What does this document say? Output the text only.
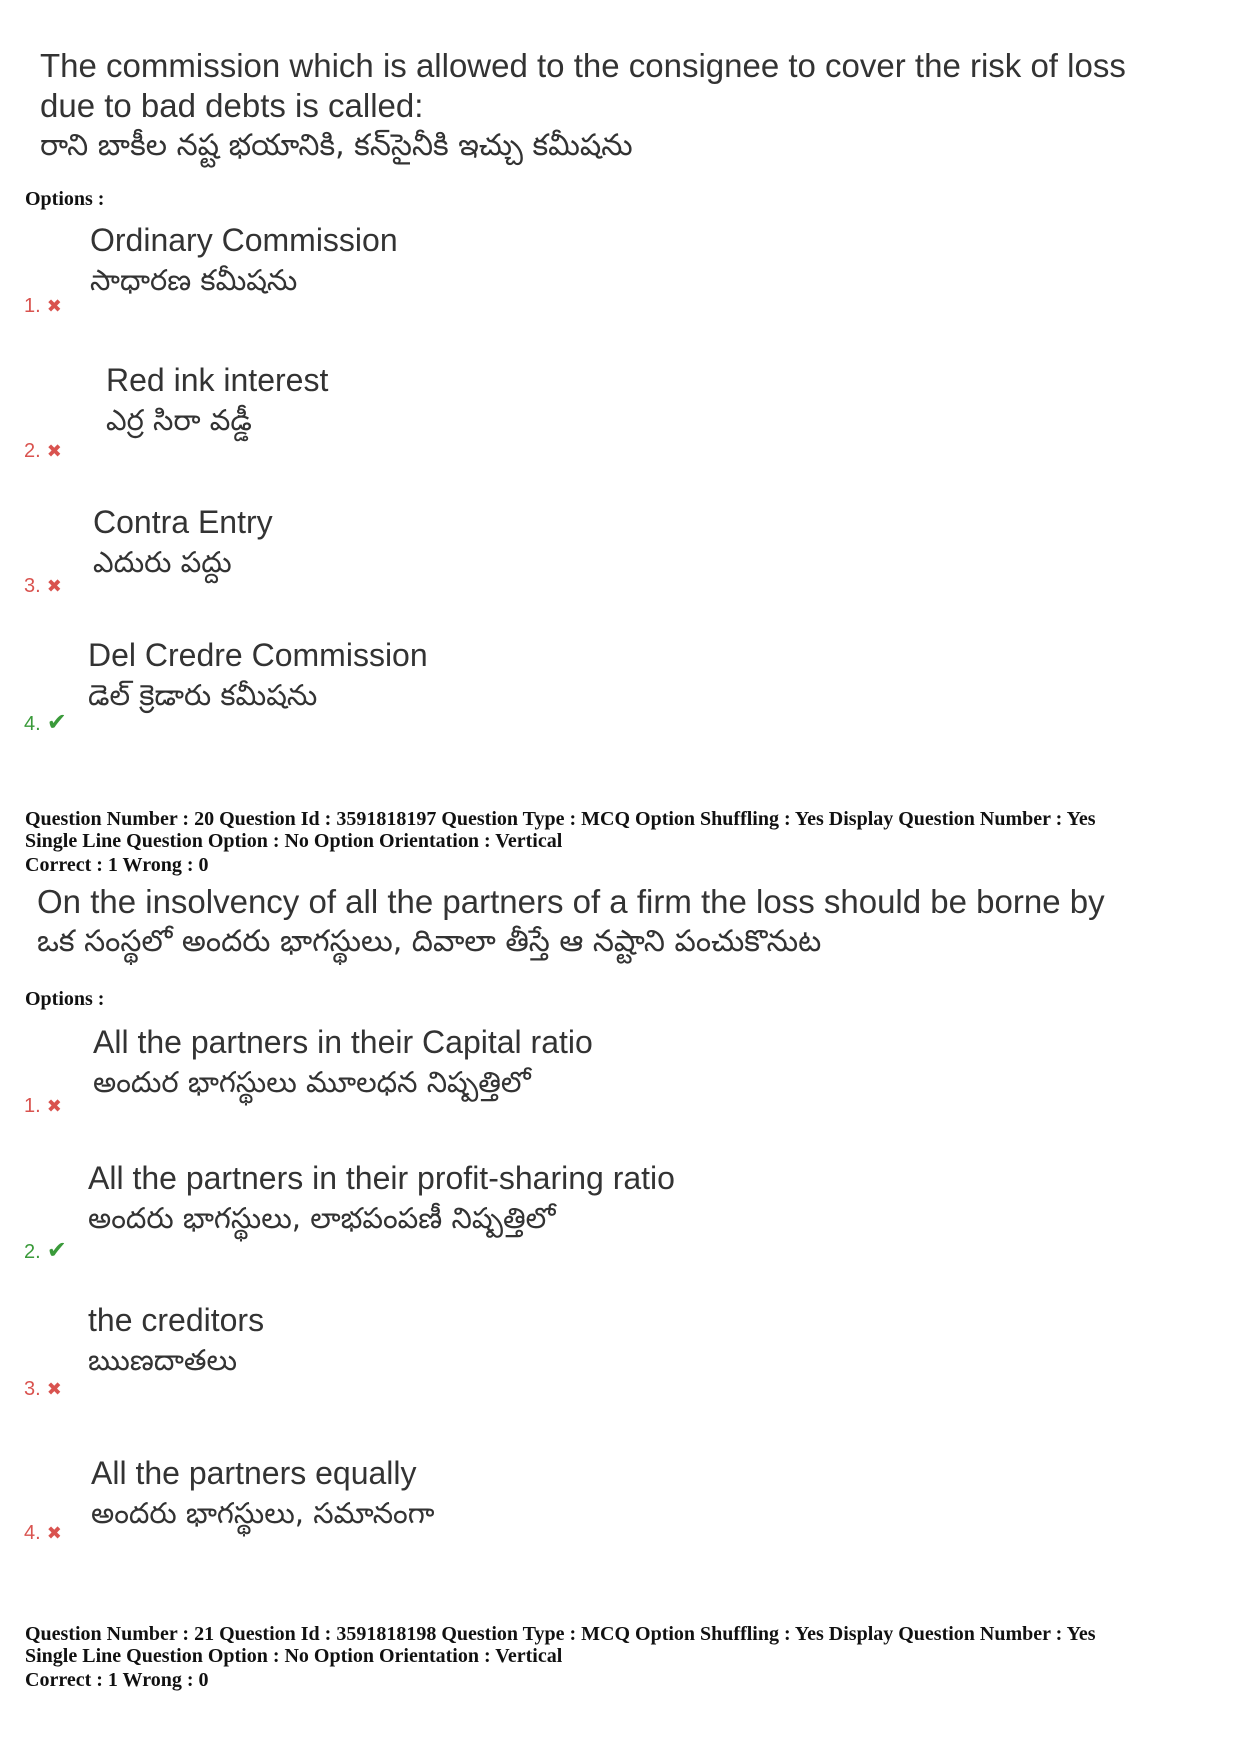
The commission which is allowed to the consignee to cover the risk of loss
due to bad debts is called:
రాని బాకీల నష్ట భయానికి, కన్‌సైనీకి ఇచ్చు కమీషను
Options :
Ordinary Commission
సాధారణ కమీషను
1. ✖
Red ink interest
ఎర్ర సిరా వడ్డీ
2. ✖
Contra Entry
ఎదురు పద్దు
3. ✖
Del Credre Commission
డెల్ క్రెడారు కమీషను
4. ✔
Question Number : 20 Question Id : 3591818197 Question Type : MCQ Option Shuffling : Yes Display Question Number : Yes
Single Line Question Option : No Option Orientation : Vertical
Correct : 1 Wrong : 0
On the insolvency of all the partners of a firm the loss should be borne by
ఒక సంస్థలో అందరు భాగస్థులు, దివాలా తీస్తే ఆ నష్టాని పంచుకొనుట
Options :
All the partners in their Capital ratio
అందుర భాగస్థులు మూలధన నిష్పత్తిలో
1. ✖
All the partners in their profit-sharing ratio
అందరు భాగస్థులు, లాభపంపణీ నిష్పత్తిలో
2. ✔
the creditors
ఋణదాతలు
3. ✖
All the partners equally
అందరు భాగస్థులు, సమానంగా
4. ✖
Question Number : 21 Question Id : 3591818198 Question Type : MCQ Option Shuffling : Yes Display Question Number : Yes
Single Line Question Option : No Option Orientation : Vertical
Correct : 1 Wrong : 0
